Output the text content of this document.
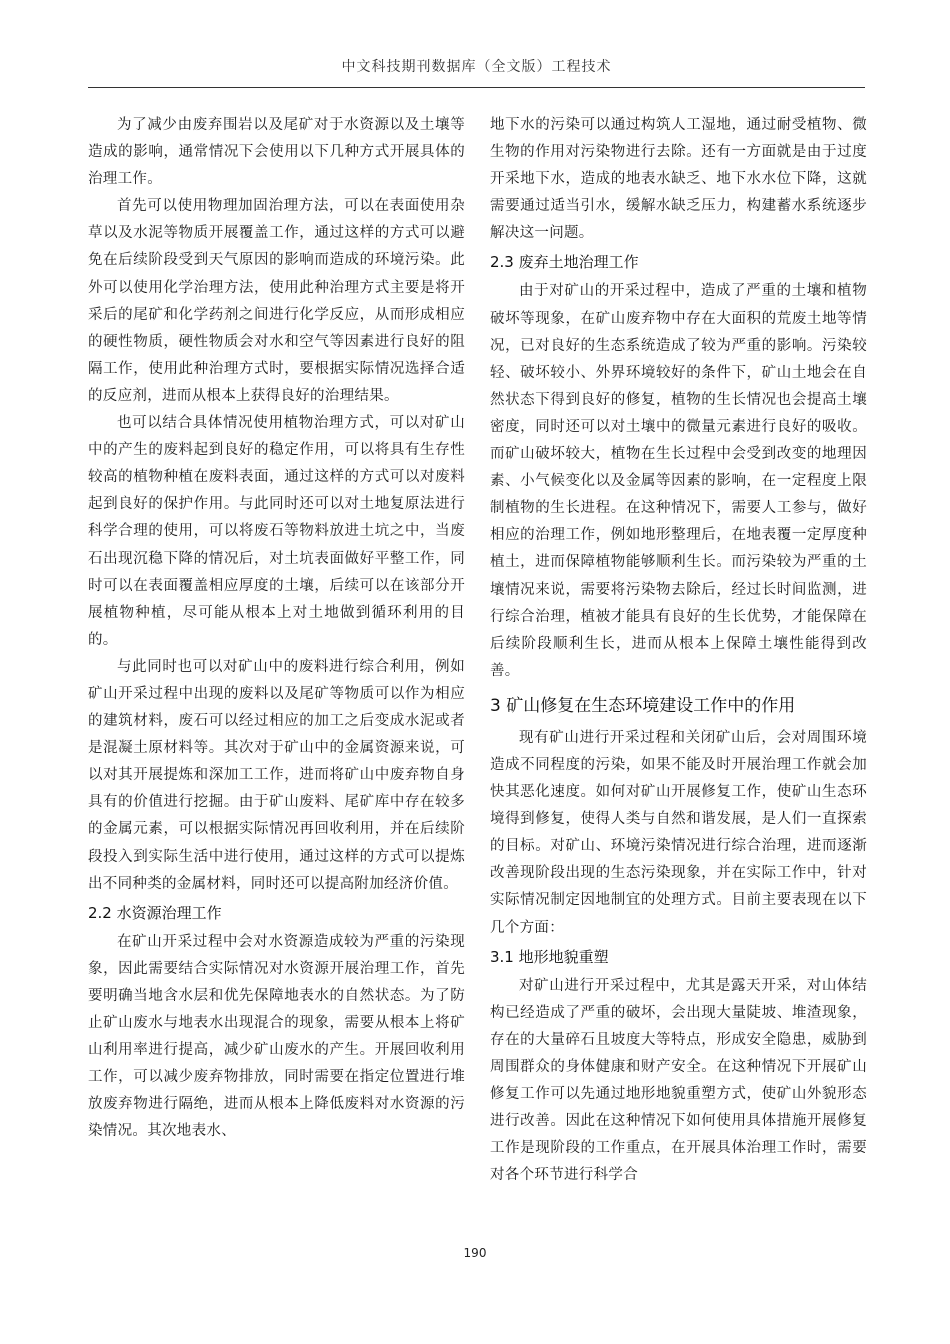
中文科技期刊数据库（全文版）工程技术

为了减少由废弃围岩以及尾矿对于水资源以及土壤等造成的影响，通常情况下会使用以下几种方式开展具体的治理工作。

首先可以使用物理加固治理方法，可以在表面使用杂草以及水泥等物质开展覆盖工作，通过这样的方式可以避免在后续阶段受到天气原因的影响而造成的环境污染。此外可以使用化学治理方法，使用此种治理方式主要是将开采后的尾矿和化学药剂之间进行化学反应，从而形成相应的硬性物质，硬性物质会对水和空气等因素进行良好的阻隔工作，使用此种治理方式时，要根据实际情况选择合适的反应剂，进而从根本上获得良好的治理结果。

也可以结合具体情况使用植物治理方式，可以对矿山中的产生的废料起到良好的稳定作用，可以将具有生存性较高的植物种植在废料表面，通过这样的方式可以对废料起到良好的保护作用。与此同时还可以对土地复原法进行科学合理的使用，可以将废石等物料放进土坑之中，当废石出现沉稳下降的情况后，对土坑表面做好平整工作，同时可以在表面覆盖相应厚度的土壤，后续可以在该部分开展植物种植，尽可能从根本上对土地做到循环利用的目的。

与此同时也可以对矿山中的废料进行综合利用，例如矿山开采过程中出现的废料以及尾矿等物质可以作为相应的建筑材料，废石可以经过相应的加工之后变成水泥或者是混凝土原材料等。其次对于矿山中的金属资源来说，可以对其开展提炼和深加工工作，进而将矿山中废弃物自身具有的价值进行挖掘。由于矿山废料、尾矿库中存在较多的金属元素，可以根据实际情况再回收利用，并在后续阶段投入到实际生活中进行使用，通过这样的方式可以提炼出不同种类的金属材料，同时还可以提高附加经济价值。

2.2 水资源治理工作

在矿山开采过程中会对水资源造成较为严重的污染现象，因此需要结合实际情况对水资源开展治理工作，首先要明确当地含水层和优先保障地表水的自然状态。为了防止矿山废水与地表水出现混合的现象，需要从根本上将矿山利用率进行提高，减少矿山废水的产生。开展回收利用工作，可以减少废弃物排放，同时需要在指定位置进行堆放废弃物进行隔绝，进而从根本上降低废料对水资源的污染情况。其次地表水、

地下水的污染可以通过构筑人工湿地，通过耐受植物、微生物的作用对污染物进行去除。还有一方面就是由于过度开采地下水，造成的地表水缺乏、地下水水位下降，这就需要通过适当引水，缓解水缺乏压力，构建蓄水系统逐步解决这一问题。

2.3 废弃土地治理工作

由于对矿山的开采过程中，造成了严重的土壤和植物破坏等现象，在矿山废弃物中存在大面积的荒废土地等情况，已对良好的生态系统造成了较为严重的影响。污染较轻、破坏较小、外界环境较好的条件下，矿山土地会在自然状态下得到良好的修复，植物的生长情况也会提高土壤密度，同时还可以对土壤中的微量元素进行良好的吸收。而矿山破坏较大，植物在生长过程中会受到改变的地理因素、小气候变化以及金属等因素的影响，在一定程度上限制植物的生长进程。在这种情况下，需要人工参与，做好相应的治理工作，例如地形整理后，在地表覆一定厚度种植土，进而保障植物能够顺利生长。而污染较为严重的土壤情况来说，需要将污染物去除后，经过长时间监测，进行综合治理，植被才能具有良好的生长优势，才能保障在后续阶段顺利生长，进而从根本上保障土壤性能得到改善。

3 矿山修复在生态环境建设工作中的作用

现有矿山进行开采过程和关闭矿山后，会对周围环境造成不同程度的污染，如果不能及时开展治理工作就会加快其恶化速度。如何对矿山开展修复工作，使矿山生态环境得到修复，使得人类与自然和谐发展，是人们一直探索的目标。对矿山、环境污染情况进行综合治理，进而逐渐改善现阶段出现的生态污染现象，并在实际工作中，针对实际情况制定因地制宜的处理方式。目前主要表现在以下几个方面：

3.1 地形地貌重塑

对矿山进行开采过程中，尤其是露天开采，对山体结构已经造成了严重的破坏，会出现大量陡坡、堆渣现象，存在的大量碎石且坡度大等特点，形成安全隐患，威胁到周围群众的身体健康和财产安全。在这种情况下开展矿山修复工作可以先通过地形地貌重塑方式，使矿山外貌形态进行改善。因此在这种情况下如何使用具体措施开展修复工作是现阶段的工作重点，在开展具体治理工作时，需要对各个环节进行科学合

190
